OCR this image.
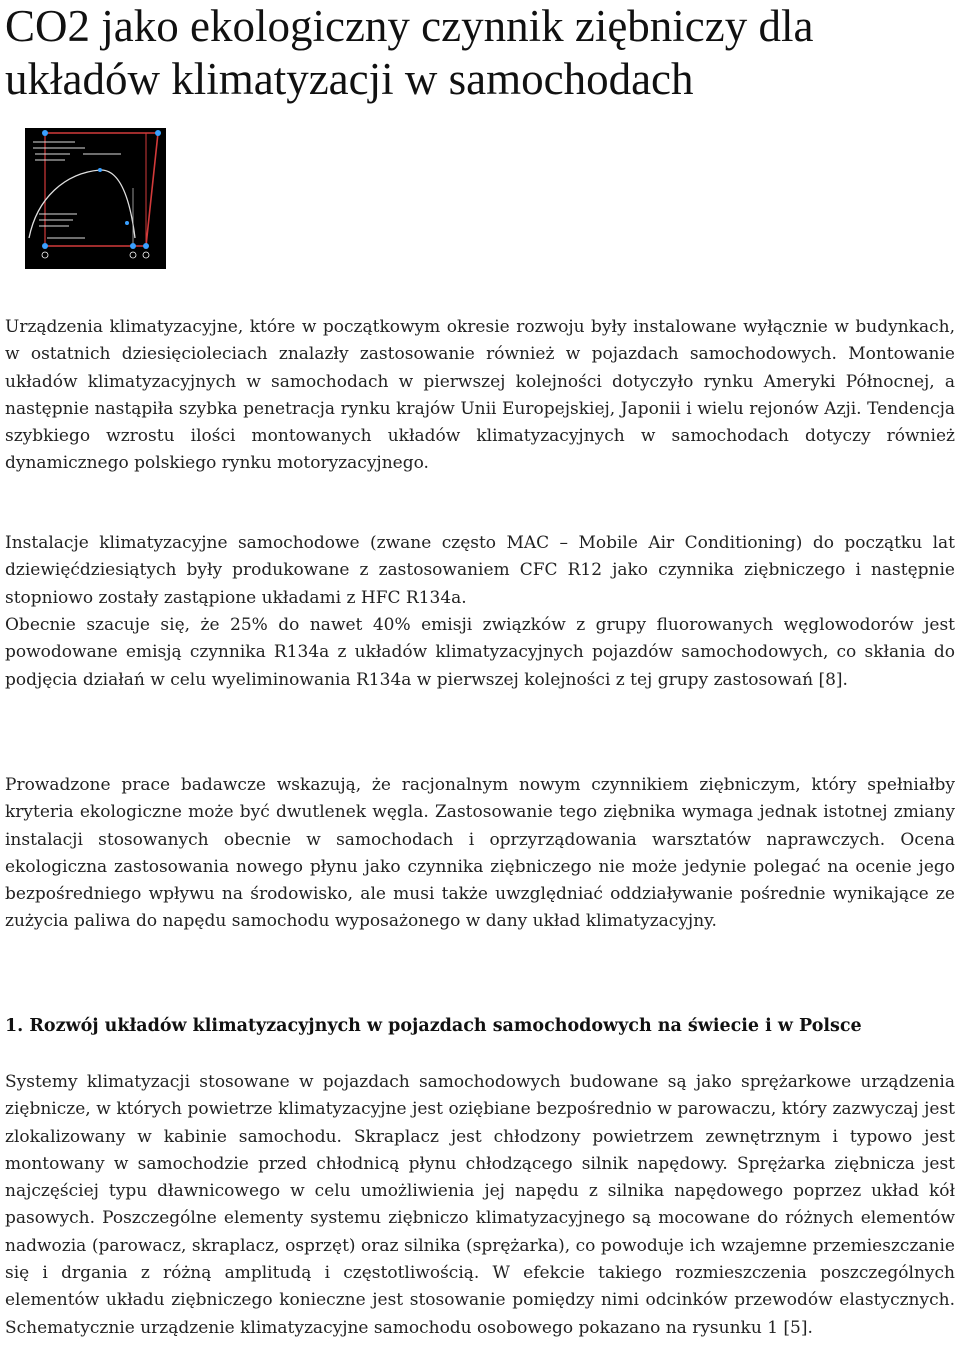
CO2 jako ekologiczny czynnik ziębniczy dla układów klimatyzacji w samochodach

Urządzenia klimatyzacyjne, które w początkowym okresie rozwoju były instalowane wyłącznie w budynkach, w ostatnich dziesięcioleciach znalazły zastosowanie również w pojazdach samochodowych. Montowanie układów klimatyzacyjnych w samochodach w pierwszej kolejności dotyczyło rynku Ameryki Północnej, a następnie nastąpiła szybka penetracja rynku krajów Unii Europejskiej, Japonii i wielu rejonów Azji. Tendencja szybkiego wzrostu ilości montowanych układów klimatyzacyjnych w samochodach dotyczy również dynamicznego polskiego rynku motoryzacyjnego.

Instalacje klimatyzacyjne samochodowe (zwane często MAC – Mobile Air Conditioning) do początku lat dziewięćdziesiątych były produkowane z zastosowaniem CFC R12 jako czynnika ziębniczego i następnie stopniowo zostały zastąpione układami z HFC R134a.

Obecnie szacuje się, że 25% do nawet 40% emisji związków z grupy fluorowanych węglowodorów jest powodowane emisją czynnika R134a z układów klimatyzacyjnych pojazdów samochodowych, co skłania do podjęcia działań w celu wyeliminowania R134a w pierwszej kolejności z tej grupy zastosowań [8].

Prowadzone prace badawcze wskazują, że racjonalnym nowym czynnikiem ziębniczym, który spełniałby kryteria ekologiczne może być dwutlenek węgla. Zastosowanie tego ziębnika wymaga jednak istotnej zmiany instalacji stosowanych obecnie w samochodach i oprzyrządowania warsztatów naprawczych. Ocena ekologiczna zastosowania nowego płynu jako czynnika ziębniczego nie może jedynie polegać na ocenie jego bezpośredniego wpływu na środowisko, ale musi także uwzględniać oddziaływanie pośrednie wynikające ze zużycia paliwa do napędu samochodu wyposażonego w dany układ klimatyzacyjny.

1. Rozwój układów klimatyzacyjnych w pojazdach samochodowych na świecie i w Polsce

Systemy klimatyzacji stosowane w pojazdach samochodowych budowane są jako sprężarkowe urządzenia ziębnicze, w których powietrze klimatyzacyjne jest oziębiane bezpośrednio w parowaczu, który zazwyczaj jest zlokalizowany w kabinie samochodu. Skraplacz jest chłodzony powietrzem zewnętrznym i typowo jest montowany w samochodzie przed chłodnicą płynu chłodzącego silnik napędowy. Sprężarka ziębnicza jest najczęściej typu dławnicowego w celu umożliwienia jej napędu z silnika napędowego poprzez układ kół pasowych. Poszczególne elementy systemu ziębniczo klimatyzacyjnego są mocowane do różnych elementów nadwozia (parowacz, skraplacz, osprzęt) oraz silnika (sprężarka), co powoduje ich wzajemne przemieszczanie się i drgania z różną amplitudą i częstotliwością. W efekcie takiego rozmieszczenia poszczególnych elementów układu ziębniczego konieczne jest stosowanie pomiędzy nimi odcinków przewodów elastycznych. Schematycznie urządzenie klimatyzacyjne samochodu osobowego pokazano na rysunku 1 [5].
